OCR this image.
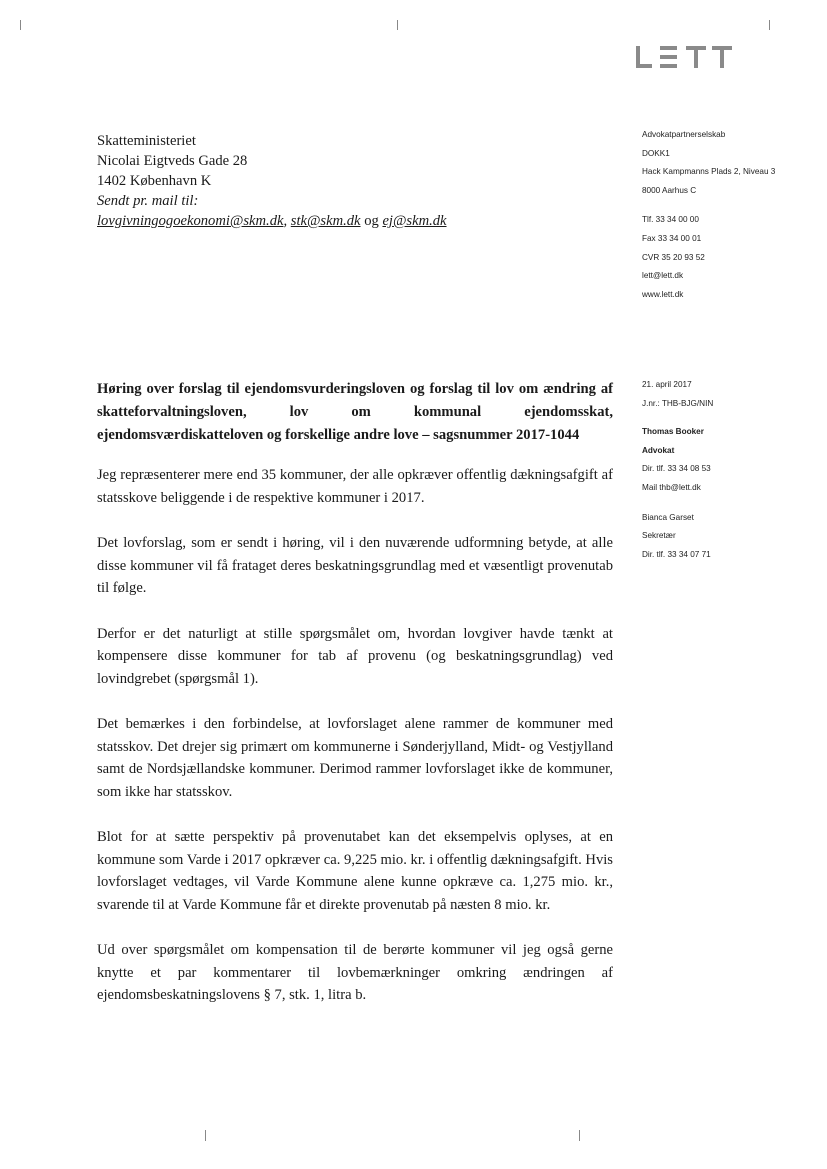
Skatteministeriet
Nicolai Eigtveds Gade 28
1402 København K
Sendt pr. mail til:
lovgivningogoekonomi@skm.dk, stk@skm.dk og ej@skm.dk
Advokatpartnerselskab
DOKK1
Hack Kampmanns Plads 2, Niveau 3
8000 Aarhus C
Tlf. 33 34 00 00
Fax 33 34 00 01
CVR 35 20 93 52
lett@lett.dk
www.lett.dk
21. april 2017
J.nr.: THB-BJG/NIN
Thomas Booker
Advokat
Dir. tlf. 33 34 08 53
Mail thb@lett.dk
Bianca Garset
Sekretær
Dir. tlf. 33 34 07 71
Høring over forslag til ejendomsvurderingsloven og forslag til lov om ændring af skatteforvaltningsloven, lov om kommunal ejendomsskat, ejendomsværdiskatteloven og forskellige andre love – sagsnummer 2017-1044

Jeg repræsenterer mere end 35 kommuner, der alle opkræver offentlig dækningsafgift af statsskove beliggende i de respektive kommuner i 2017.

Det lovforslag, som er sendt i høring, vil i den nuværende udformning betyde, at alle disse kommuner vil få frataget deres beskatningsgrundlag med et væsentligt provenutab til følge.

Derfor er det naturligt at stille spørgsmålet om, hvordan lovgiver havde tænkt at kompensere disse kommuner for tab af provenu (og beskatningsgrundlag) ved lovindgrebet (spørgsmål 1).

Det bemærkes i den forbindelse, at lovforslaget alene rammer de kommuner med statsskov. Det drejer sig primært om kommunerne i Sønderjylland, Midt- og Vestjylland samt de Nordsjællandske kommuner. Derimod rammer lovforslaget ikke de kommuner, som ikke har statsskov.

Blot for at sætte perspektiv på provenutabet kan det eksempelvis oplyses, at en kommune som Varde i 2017 opkræver ca. 9,225 mio. kr. i offentlig dækningsafgift. Hvis lovforslaget vedtages, vil Varde Kommune alene kunne opkræve ca. 1,275 mio. kr., svarende til at Varde Kommune får et direkte provenutab på næsten 8 mio. kr.

Ud over spørgsmålet om kompensation til de berørte kommuner vil jeg også gerne knytte et par kommentarer til lovbemærkninger omkring ændringen af ejendomsbeskatningslovens § 7, stk. 1, litra b.
